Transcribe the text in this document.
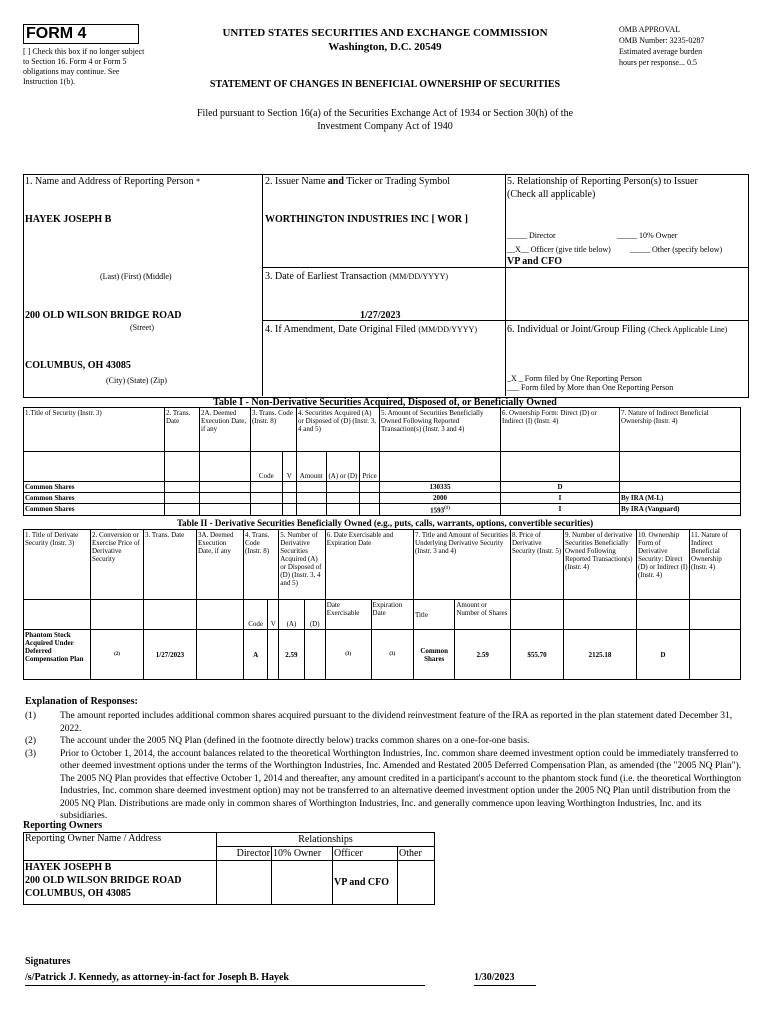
FORM 4
[ ] Check this box if no longer subject to Section 16. Form 4 or Form 5 obligations may continue. See Instruction 1(b).
UNITED STATES SECURITIES AND EXCHANGE COMMISSION
Washington, D.C. 20549
OMB APPROVAL
OMB Number: 3235-0287
Estimated average burden
hours per response... 0.5
STATEMENT OF CHANGES IN BENEFICIAL OWNERSHIP OF SECURITIES
Filed pursuant to Section 16(a) of the Securities Exchange Act of 1934 or Section 30(h) of the
Investment Company Act of 1940
1. Name and Address of Reporting Person *
HAYEK JOSEPH B
(Last) (First) (Middle)
200 OLD WILSON BRIDGE ROAD
(Street)
COLUMBUS, OH 43085
(City) (State) (Zip)
2. Issuer Name and Ticker or Trading Symbol
WORTHINGTON INDUSTRIES INC [ WOR ]
3. Date of Earliest Transaction (MM/DD/YYYY)
1/27/2023
4. If Amendment, Date Original Filed (MM/DD/YYYY)
5. Relationship of Reporting Person(s) to Issuer
(Check all applicable)
_____ Director	_____ 10% Owner
__X__ Officer (give title below) _____ Other (specify below)
VP and CFO
6. Individual or Joint/Group Filing (Check Applicable Line)
_X _ Form filed by One Reporting Person
___ Form filed by More than One Reporting Person
Table I - Non-Derivative Securities Acquired, Disposed of, or Beneficially Owned
1.Title of Security (Instr. 3)	2. Trans. Date	2A. Deemed Execution Date, if any	3. Trans. Code (Instr. 8)		4. Securities Acquired (A) or Disposed of (D) (Instr. 3, 4 and 5)			5. Amount of Securities Beneficially Owned Following Reported Transaction(s) (Instr. 3 and 4)	6. Ownership Form: Direct (D) or Indirect (I) (Instr. 4)	7. Nature of Indirect Beneficial Ownership (Instr. 4)
			Code	V	Amount	(A) or (D)	Price			
Common Shares								130335	D	
Common Shares								2000	I	By IRA (M-L)
Common Shares								1593$^{(1)}$	I	By IRA (Vanguard)
Table II - Derivative Securities Beneficially Owned (e.g., puts, calls, warrants, options, convertible securities)
1. Title of Derivate Security (Instr. 3)	2. Conversion or Exercise Price of Derivative Security	3. Trans. Date	3A. Deemed Execution Date, if any	4. Trans. Code (Instr. 8)		5. Number of Derivative Securities Acquired (A) or Disposed of (D) (Instr. 3, 4 and 5)		6. Date Exercisable and Expiration Date		7. Title and Amount of Securities Underlying Derivative Security (Instr. 3 and 4)		8. Price of Derivative Security (Instr. 5)	9. Number of derivative Securities Beneficially Owned Following Reported Transaction(s) (Instr. 4)	10. Ownership Form of Derivative Security: Direct (D) or Indirect (I) (Instr. 4)	11. Nature of Indirect Beneficial Ownership (Instr. 4)
				Code	V	(A)	(D)	Date Exercisable	Expiration Date	Title	Amount or Number of Shares				
Phantom Stock Acquired Under Deferred Compensation Plan	(2)	1/27/2023		A		2.59		(3)	(3)	Common Shares	2.59	$55.70	2125.18	D	
Explanation of Responses:
(1)	The amount reported includes additional common shares acquired pursuant to the dividend reinvestment feature of the IRA as reported in the plan statement dated December 31, 2022.
(2)	The account under the 2005 NQ Plan (defined in the footnote directly below) tracks common shares on a one-for-one basis.
(3)	Prior to October 1, 2014, the account balances related to the theoretical Worthington Industries, Inc. common share deemed investment option could be immediately transferred to other deemed investment options under the terms of the Worthington Industries, Inc. Amended and Restated 2005 Deferred Compensation Plan, as amended (the "2005 NQ Plan"). The 2005 NQ Plan provides that effective October 1, 2014 and thereafter, any amount credited in a participant's account to the phantom stock fund (i.e. the theoretical Worthington Industries, Inc. common share deemed investment option) may not be transferred to an alternative deemed investment option under the 2005 NQ Plan until distribution from the 2005 NQ Plan. Distributions are made only in common shares of Worthington Industries, Inc. and generally commence upon leaving Worthington Industries, Inc. and its subsidiaries.
Reporting Owners
Reporting Owner Name / Address	Relationships			
	Director	10% Owner	Officer	Other

HAYEK JOSEPH B
200 OLD WILSON BRIDGE ROAD
COLUMBUS, OH 43085			VP and CFO	
Signatures
/s/Patrick J. Kennedy, as attorney-in-fact for Joseph B. Hayek	1/30/2023
